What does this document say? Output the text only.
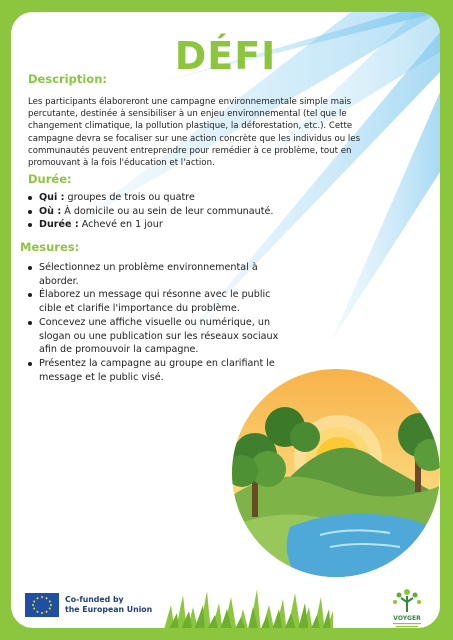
DÉFI

Description:

Les participants élaboreront une campagne environnementale simple mais percutante, destinée à sensibiliser à un enjeu environnemental (tel que le changement climatique, la pollution plastique, la déforestation, etc.). Cette campagne devra se focaliser sur une action concrète que les individus ou les communautés peuvent entreprendre pour remédier à ce problème, tout en promouvant à la fois l'éducation et l'action.

Durée:

Qui : groupes de trois ou quatre
Où : À domicile ou au sein de leur communauté.
Durée : Achevé en 1 jour

Mesures:

Sélectionnez un problème environnemental à aborder.
Élaborez un message qui résonne avec le public cible et clarifie l'importance du problème.
Concevez une affiche visuelle ou numérique, un slogan ou une publication sur les réseaux sociaux afin de promouvoir la campagne.
Présentez la campagne au groupe en clarifiant le message et le public visé.
Co-funded by
the European Union
VOYGER
